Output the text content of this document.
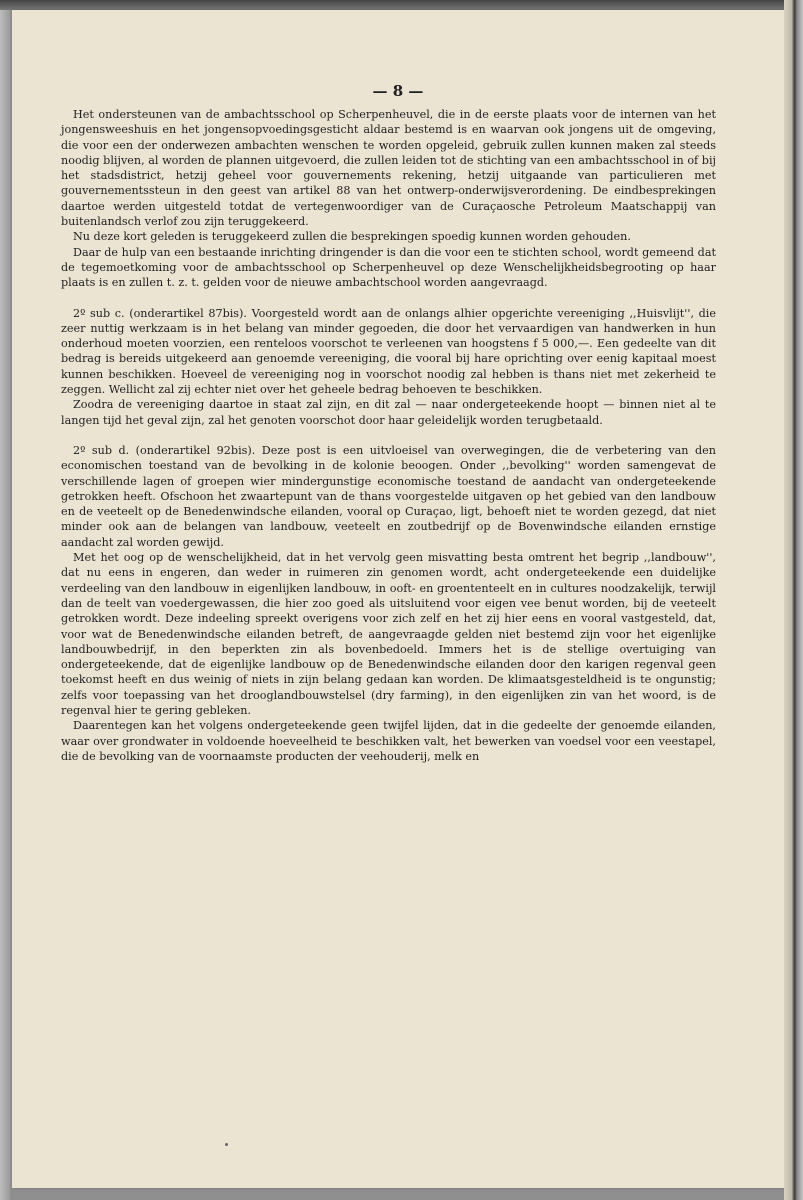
— 8 —

Het ondersteunen van de ambachtsschool op Scherpenheuvel, die in de eerste plaats voor de internen van het jongensweeshuis en het jongensopvoedingsgesticht aldaar bestemd is en waarvan ook jongens uit de omgeving, die voor een der onderwezen ambachten wenschen te worden opgeleid, gebruik zullen kunnen maken zal steeds noodig blijven, al worden de plannen uitgevoerd, die zullen leiden tot de stichting van een ambachtsschool in of bij het stadsdistrict, hetzij geheel voor gouvernements rekening, hetzij uitgaande van particulieren met gouvernementssteun in den geest van artikel 88 van het ontwerp-onderwijsverordening. De eindbesprekingen daartoe werden uitgesteld totdat de vertegenwoordiger van de Curaçaosche Petroleum Maatschappij van buitenlandsch verlof zou zijn teruggekeerd.

Nu deze kort geleden is teruggekeerd zullen die besprekingen spoedig kunnen worden gehouden.

Daar de hulp van een bestaande inrichting dringender is dan die voor een te stichten school, wordt gemeend dat de tegemoetkoming voor de ambachtsschool op Scherpenheuvel op deze Wenschelijkheidsbegrooting op haar plaats is en zullen t. z. t. gelden voor de nieuwe ambachtschool worden aangevraagd.

2º sub c. (onderartikel 87bis). Voorgesteld wordt aan de onlangs alhier opgerichte vereeniging ,,Huisvlijt'', die zeer nuttig werkzaam is in het belang van minder gegoeden, die door het vervaardigen van handwerken in hun onderhoud moeten voorzien, een renteloos voorschot te verleenen van hoogstens f 5 000,—. Een gedeelte van dit bedrag is bereids uitgekeerd aan genoemde vereeniging, die vooral bij hare oprichting over eenig kapitaal moest kunnen beschikken. Hoeveel de vereeniging nog in voorschot noodig zal hebben is thans niet met zekerheid te zeggen. Wellicht zal zij echter niet over het geheele bedrag behoeven te beschikken.

Zoodra de vereeniging daartoe in staat zal zijn, en dit zal — naar ondergeteekende hoopt — binnen niet al te langen tijd het geval zijn, zal het genoten voorschot door haar geleidelijk worden terugbetaald.

2º sub d. (onderartikel 92bis). Deze post is een uitvloeisel van overwegingen, die de verbetering van den economischen toestand van de bevolking in de kolonie beoogen. Onder ,,bevolking'' worden samengevat de verschillende lagen of groepen wier mindergunstige economische toestand de aandacht van ondergeteekende getrokken heeft. Ofschoon het zwaartepunt van de thans voorgestelde uitgaven op het gebied van den landbouw en de veeteelt op de Benedenwindsche eilanden, vooral op Curaçao, ligt, behoeft niet te worden gezegd, dat niet minder ook aan de belangen van landbouw, veeteelt en zoutbedrijf op de Bovenwindsche eilanden ernstige aandacht zal worden gewijd.

Met het oog op de wenschelijkheid, dat in het vervolg geen misvatting besta omtrent het begrip ,,landbouw'', dat nu eens in engeren, dan weder in ruimeren zin genomen wordt, acht ondergeteekende een duidelijke verdeeling van den landbouw in eigenlijken landbouw, in ooft- en groententeelt en in cultures noodzakelijk, terwijl dan de teelt van voedergewassen, die hier zoo goed als uitsluitend voor eigen vee benut worden, bij de veeteelt getrokken wordt. Deze indeeling spreekt overigens voor zich zelf en het zij hier eens en vooral vastgesteld, dat, voor wat de Benedenwindsche eilanden betreft, de aangevraagde gelden niet bestemd zijn voor het eigenlijke landbouwbedrijf, in den beperkten zin als bovenbedoeld. Immers het is de stellige overtuiging van ondergeteekende, dat de eigenlijke landbouw op de Benedenwindsche eilanden door den karigen regenval geen toekomst heeft en dus weinig of niets in zijn belang gedaan kan worden. De klimaatsgesteldheid is te ongunstig; zelfs voor toepassing van het drooglandbouwstelsel (dry farming), in den eigenlijken zin van het woord, is de regenval hier te gering gebleken.

Daarentegen kan het volgens ondergeteekende geen twijfel lijden, dat in die gedeelte der genoemde eilanden, waar over grondwater in voldoende hoeveelheid te beschikken valt, het bewerken van voedsel voor een veestapel, die de bevolking van de voornaamste producten der veehouderij, melk en
